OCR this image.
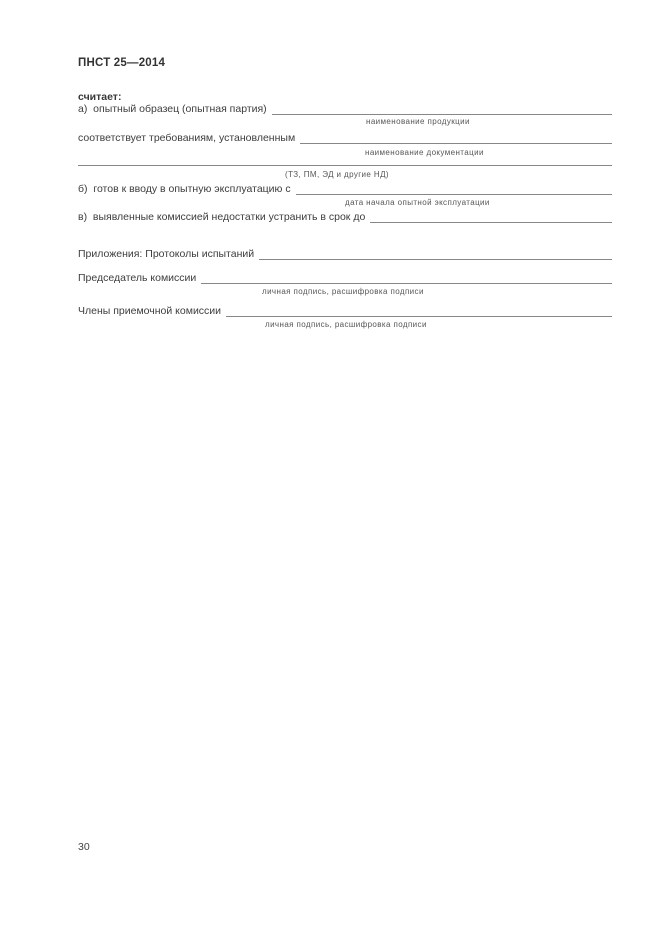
ПНСТ 25—2014
считает:
а)  опытный образец (опытная партия)
наименование продукции
соответствует требованиям, установленным
наименование документации
(ТЗ, ПМ, ЭД и другие НД)
б)  готов к вводу в опытную эксплуатацию с
дата начала опытной эксплуатации
в)  выявленные комиссией недостатки устранить в срок до
Приложения: Протоколы испытаний
Председатель комиссии
личная подпись, расшифровка подписи
Члены приемочной комиссии
личная подпись, расшифровка подписи
30
